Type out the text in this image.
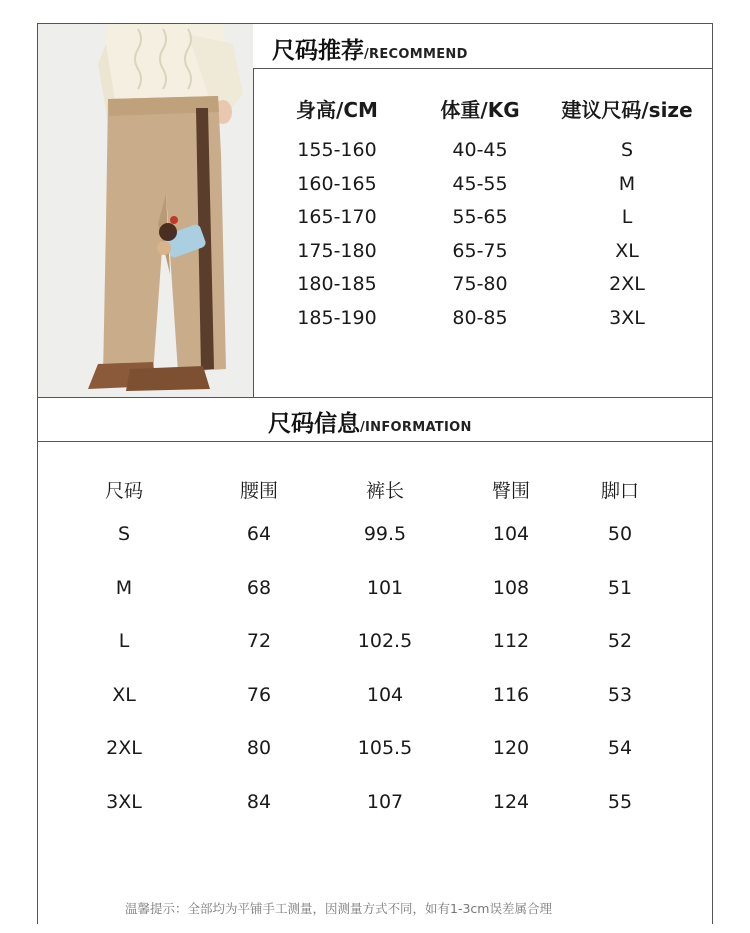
尺码推荐 /RECOMMEND
尺码信息 /INFORMATION
身高/CM	体重/KG 建议尺码/size
155-160	40-45	S
160-165	45-55	M
165-170	55-65	L
175-180	65-75	XL
180-185	75-80	2XL
185-190	80-85	3XL
尺码	腰围	裤长	臀围	脚口
S	64	99.5	104	50
M	68	101	108	51
L	72	102.5	112	52
XL	76	104	116	53
2XL	80	105.5	120	54
3XL	84	107	124	55
温馨提示：全部均为平铺手工测量，因测量方式不同，如有1-3cm误差属合理
